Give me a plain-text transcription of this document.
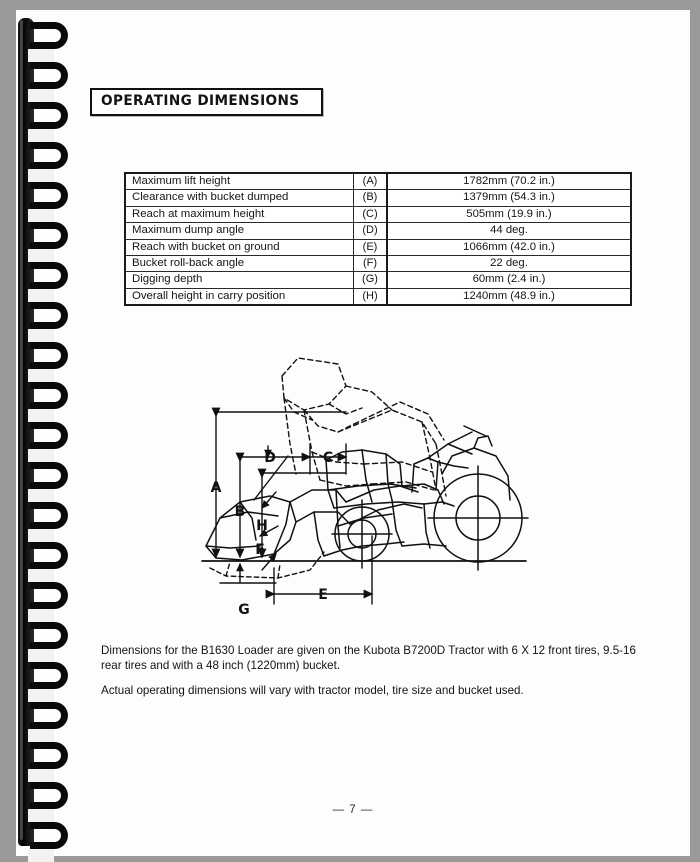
OPERATING DIMENSIONS
Maximum lift height	(A)	1782mm (70.2 in.)
Clearance with bucket dumped	(B)	1379mm (54.3 in.)
Reach at maximum height	(C)	505mm (19.9 in.)
Maximum dump angle	(D)	44 deg.
Reach with bucket on ground	(E)	1066mm (42.0 in.)
Bucket roll-back angle	(F)	22 deg.
Digging depth	(G)	60mm (2.4 in.)
Overall height in carry position	(H)	1240mm (48.9 in.)
A
B
C
D
E
F
G
H
Dimensions for the B1630 Loader are given on the Kubota B7200D Tractor with 6 X 12 front tires, 9.5-16 rear tires and with a 48 inch (1220mm) bucket.
Actual operating dimensions will vary with tractor model, tire size and bucket used.
— 7 —
